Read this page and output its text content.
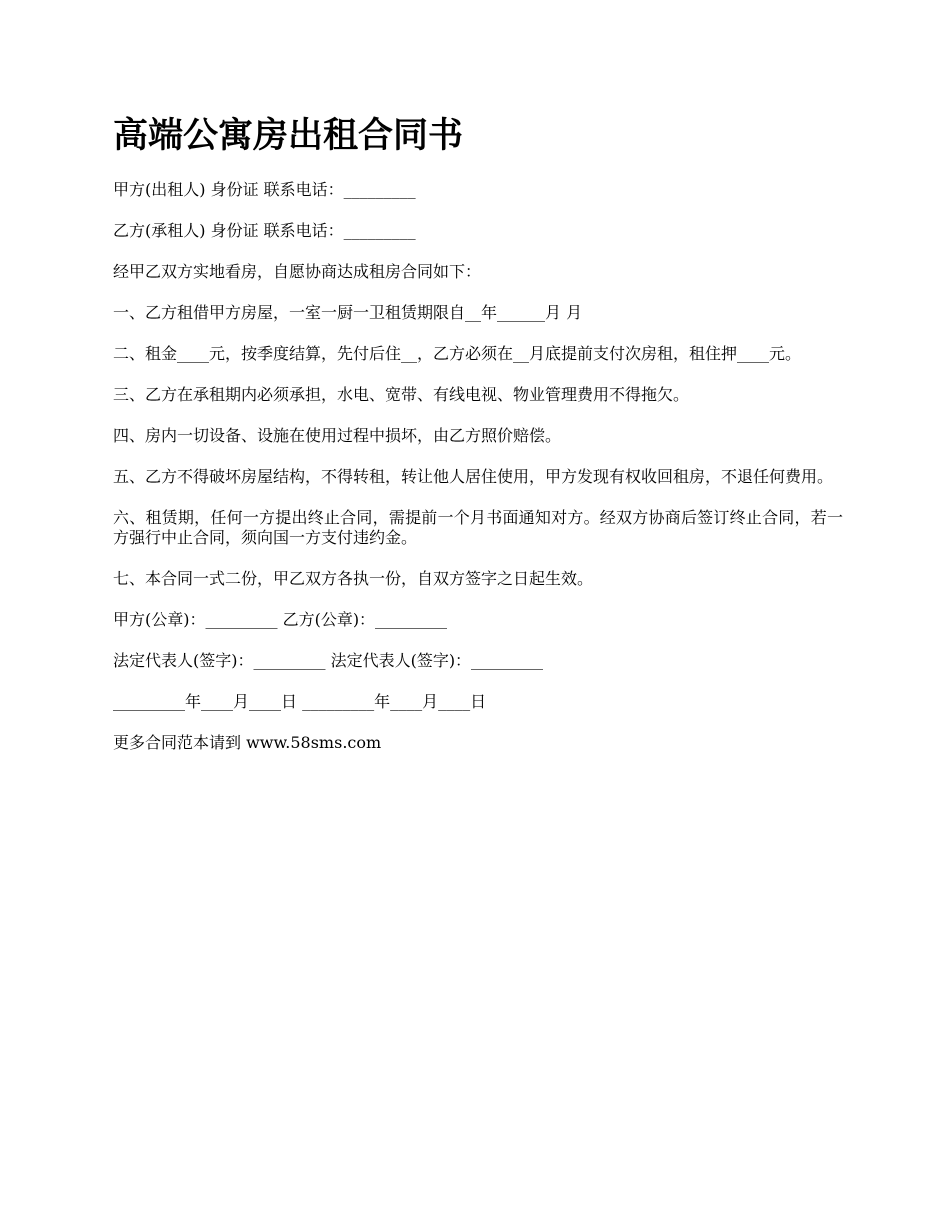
高端公寓房出租合同书

甲方(出租人) 身份证 联系电话：_________

乙方(承租人) 身份证 联系电话：_________

经甲乙双方实地看房，自愿协商达成租房合同如下：

一、乙方租借甲方房屋，一室一厨一卫租赁期限自__年______月 月

二、租金____元，按季度结算，先付后住__，乙方必须在__月底提前支付次房租，租住押____元。

三、乙方在承租期内必须承担，水电、宽带、有线电视、物业管理费用不得拖欠。

四、房内一切设备、设施在使用过程中损坏，由乙方照价赔偿。

五、乙方不得破坏房屋结构，不得转租，转让他人居住使用，甲方发现有权收回租房，不退任何费用。

六、租赁期，任何一方提出终止合同，需提前一个月书面通知对方。经双方协商后签订终止合同，若一方强行中止合同，须向国一方支付违约金。

七、本合同一式二份，甲乙双方各执一份，自双方签字之日起生效。

甲方(公章)：_________ 乙方(公章)：_________

法定代表人(签字)：_________ 法定代表人(签字)：_________

_________年____月____日 _________年____月____日

更多合同范本请到 www.58sms.com
